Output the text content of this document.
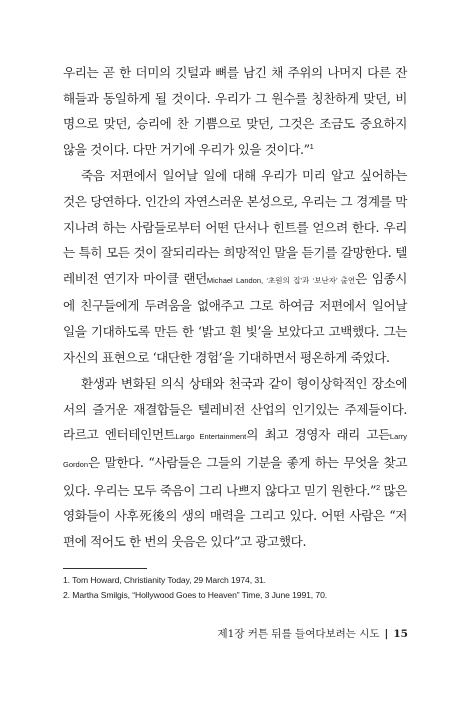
우리는 곧 한 더미의 깃털과 뼈를 남긴 채 주위의 나머지 다른 잔해들과 동일하게 될 것이다. 우리가 그 원수를 칭찬하게 맞던, 비명으로 맞던, 승리에 찬 기쁨으로 맞던, 그것은 조금도 중요하지 않을 것이다. 다만 거기에 우리가 있을 것이다.”$^1$

죽음 저편에서 일어날 일에 대해 우리가 미리 알고 싶어하는 것은 당연하다. 인간의 자연스러운 본성으로, 우리는 그 경계를 막 지나려 하는 사람들로부터 어떤 단서나 힌트를 얻으려 한다. 우리는 특히 모든 것이 잘되리라는 희망적인 말을 듣기를 갈망한다. 텔레비전 연기자 마이클 랜던Michael Landon, ‘초원의 집’과 ‘보난자’ 출연은 임종시에 친구들에게 두려움을 없애주고 그로 하여금 저편에서 일어날 일을 기대하도록 만든 한 ‘밝고 흰 빛’을 보았다고 고백했다. 그는 자신의 표현으로 ‘대단한 경험’을 기대하면서 평온하게 죽었다.

환생과 변화된 의식 상태와 천국과 같이 형이상학적인 장소에서의 즐거운 재결합들은 텔레비전 산업의 인기있는 주제들이다. 라르고 엔터테인먼트Largo Entertainment의 최고 경영자 래리 고든Larry Gordon은 말한다. “사람들은 그들의 기분을 좋게 하는 무엇을 찾고 있다. 우리는 모두 죽음이 그리 나쁘지 않다고 믿기 원한다.”$^2$ 많은 영화들이 사후死後의 생의 매력을 그리고 있다. 어떤 사람은 “저편에 적어도 한 번의 웃음은 있다”고 광고했다.

1. Tom Howard, Christianity Today, 29 March 1974, 31.

2. Martha Smilgis, “Hollywood Goes to Heaven” Time, 3 June 1991, 70.

제1장 커튼 뒤를 들여다보려는 시도 | 15
